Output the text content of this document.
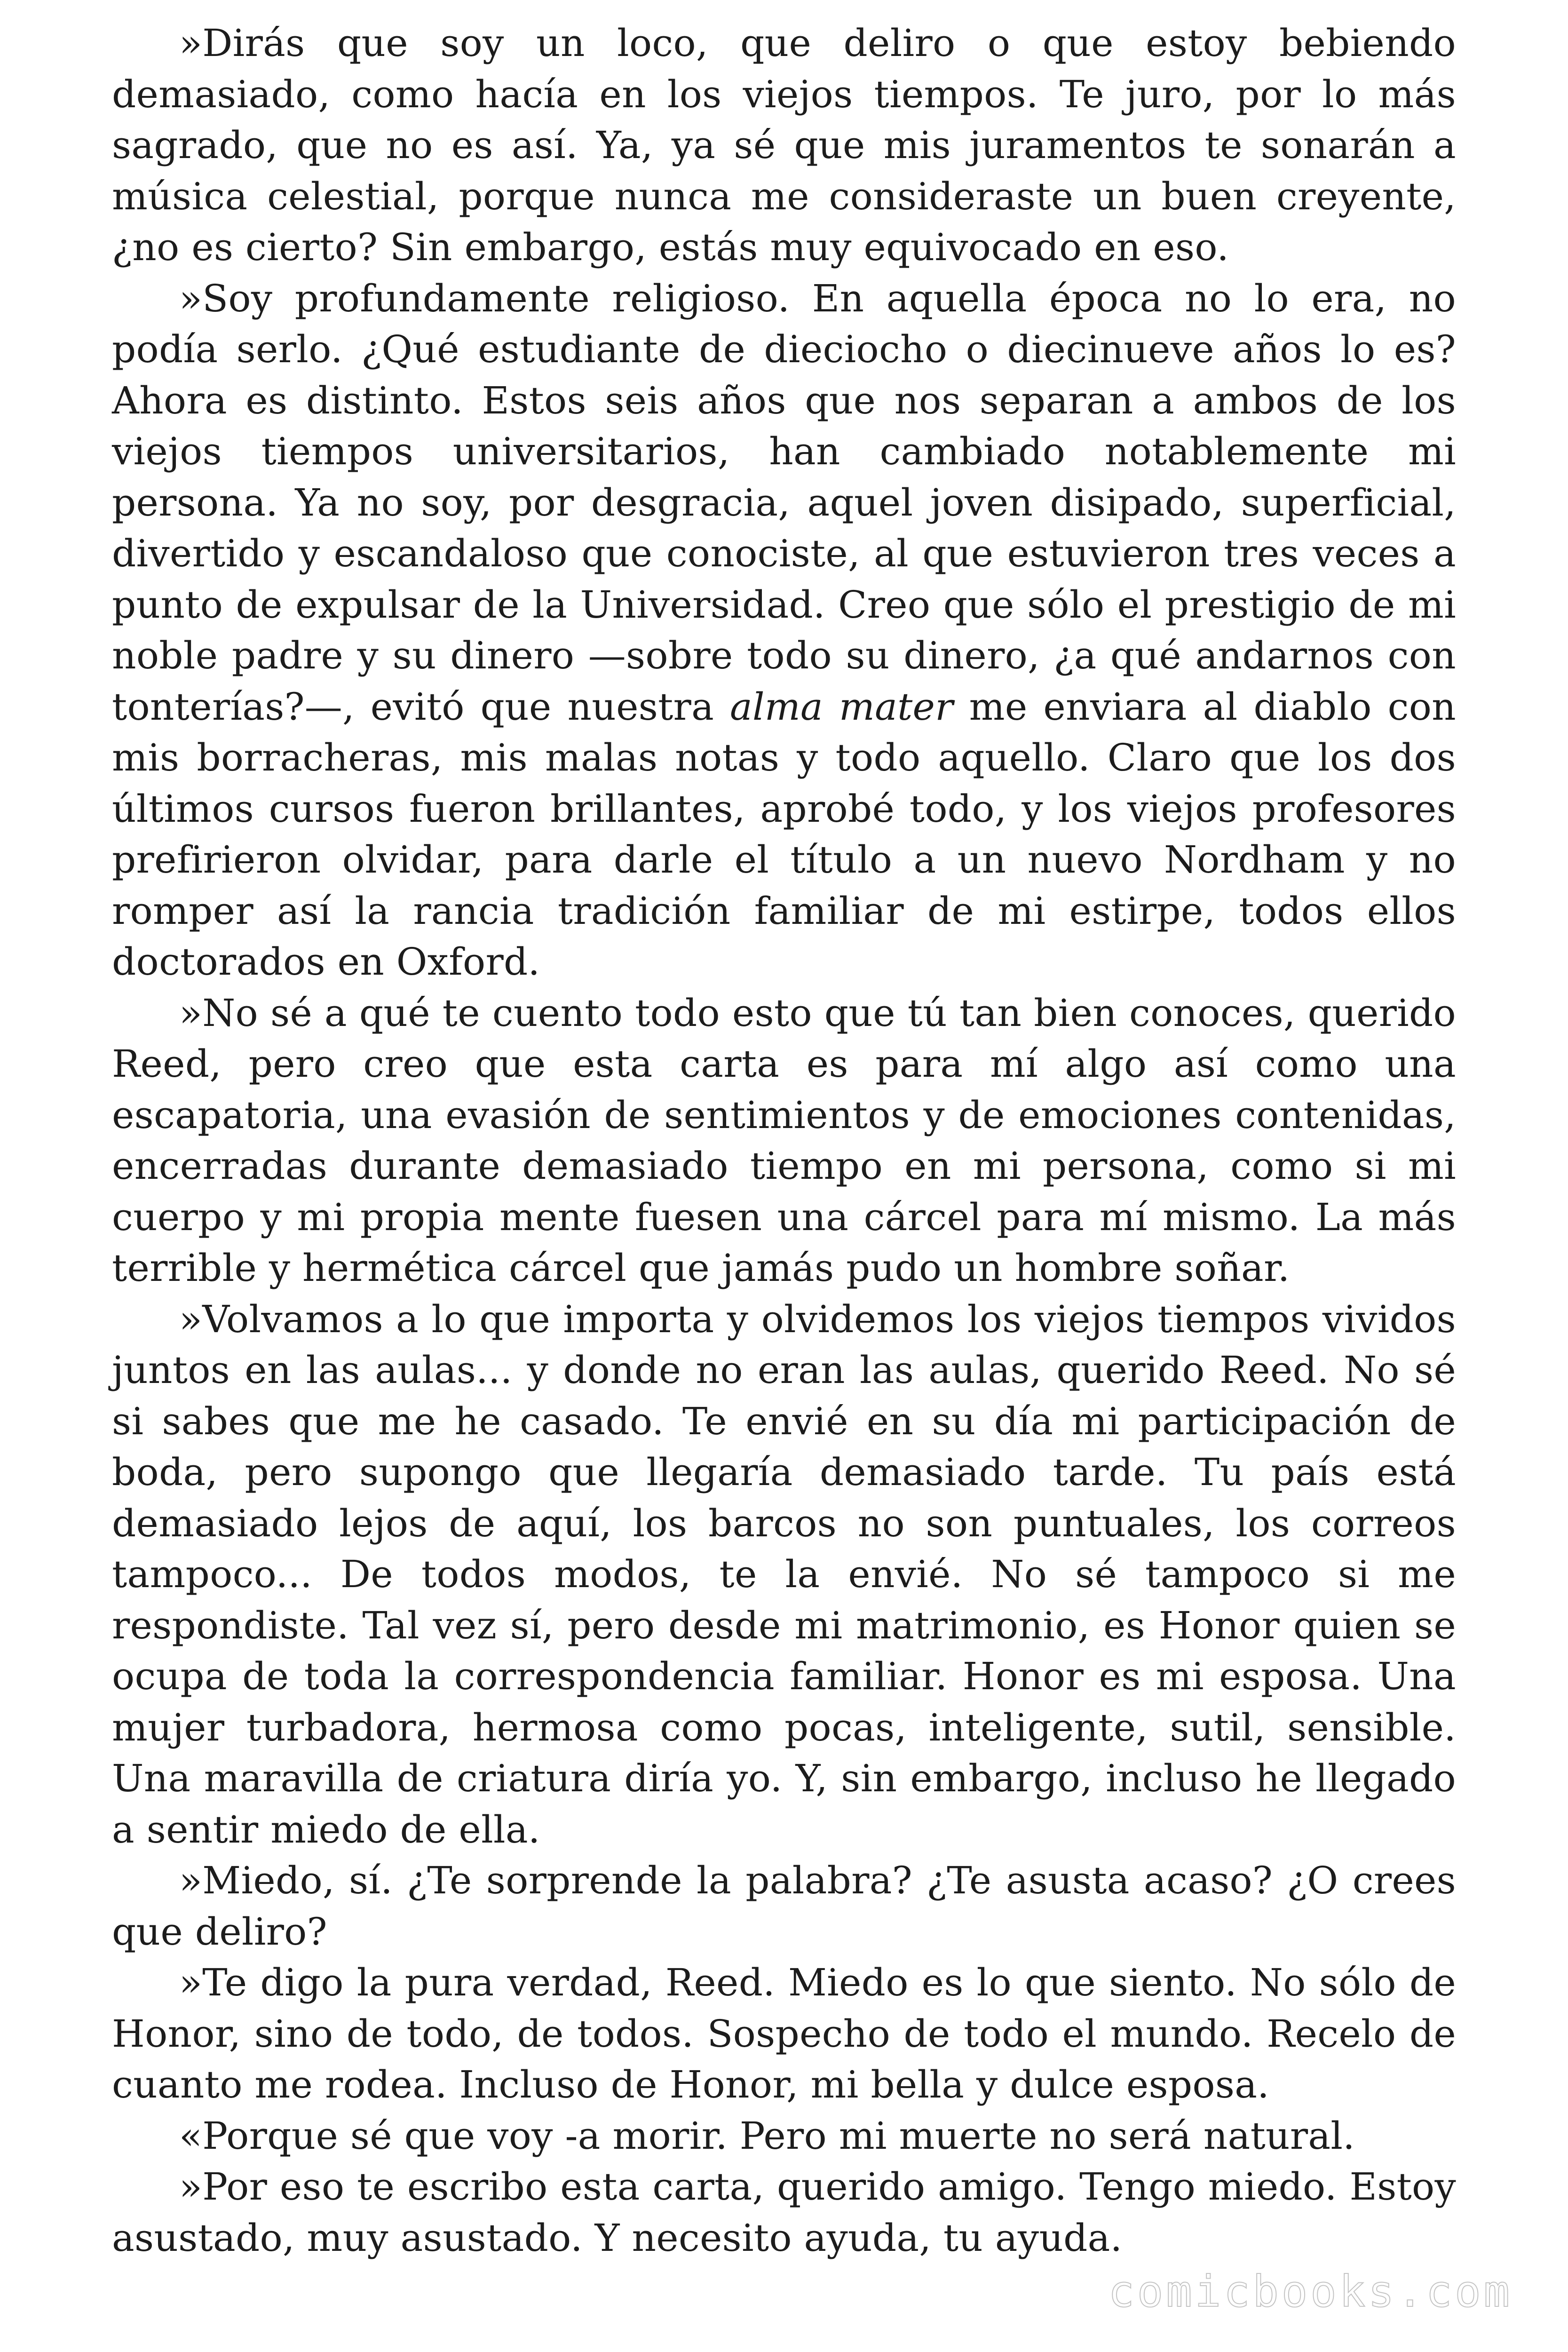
»Dirás que soy un loco, que deliro o que estoy bebiendo demasiado, como hacía en los viejos tiempos. Te juro, por lo más sagrado, que no es así. Ya, ya sé que mis juramentos te sonarán a música celestial, porque nunca me consideraste un buen creyente, ¿no es cierto? Sin embargo, estás muy equivocado en eso.

»Soy profundamente religioso. En aquella época no lo era, no podía serlo. ¿Qué estudiante de dieciocho o diecinueve años lo es? Ahora es distinto. Estos seis años que nos separan a ambos de los viejos tiempos universitarios, han cambiado notablemente mi persona. Ya no soy, por desgracia, aquel joven disipado, superficial, divertido y escandaloso que conociste, al que estuvieron tres veces a punto de expulsar de la Universidad. Creo que sólo el prestigio de mi noble padre y su dinero —sobre todo su dinero, ¿a qué andarnos con tonterías?—, evitó que nuestra alma mater me enviara al diablo con mis borracheras, mis malas notas y todo aquello. Claro que los dos últimos cursos fueron brillantes, aprobé todo, y los viejos profesores prefirieron olvidar, para darle el título a un nuevo Nordham y no romper así la rancia tradición familiar de mi estirpe, todos ellos doctorados en Oxford.

»No sé a qué te cuento todo esto que tú tan bien conoces, querido Reed, pero creo que esta carta es para mí algo así como una escapatoria, una evasión de sentimientos y de emociones contenidas, encerradas durante demasiado tiempo en mi persona, como si mi cuerpo y mi propia mente fuesen una cárcel para mí mismo. La más terrible y hermética cárcel que jamás pudo un hombre soñar.

»Volvamos a lo que importa y olvidemos los viejos tiempos vividos juntos en las aulas... y donde no eran las aulas, querido Reed. No sé si sabes que me he casado. Te envié en su día mi participación de boda, pero supongo que llegaría demasiado tarde. Tu país está demasiado lejos de aquí, los barcos no son puntuales, los correos tampoco... De todos modos, te la envié. No sé tampoco si me respondiste. Tal vez sí, pero desde mi matrimonio, es Honor quien se ocupa de toda la correspondencia familiar. Honor es mi esposa. Una mujer turbadora, hermosa como pocas, inteligente, sutil, sensible. Una maravilla de criatura diría yo. Y, sin embargo, incluso he llegado a sentir miedo de ella.

»Miedo, sí. ¿Te sorprende la palabra? ¿Te asusta acaso? ¿O crees que deliro?

»Te digo la pura verdad, Reed. Miedo es lo que siento. No sólo de Honor, sino de todo, de todos. Sospecho de todo el mundo. Recelo de cuanto me rodea. Incluso de Honor, mi bella y dulce esposa.

«Porque sé que voy -a morir. Pero mi muerte no será natural.

»Por eso te escribo esta carta, querido amigo. Tengo miedo. Estoy asustado, muy asustado. Y necesito ayuda, tu ayuda.

comicbooks.com
